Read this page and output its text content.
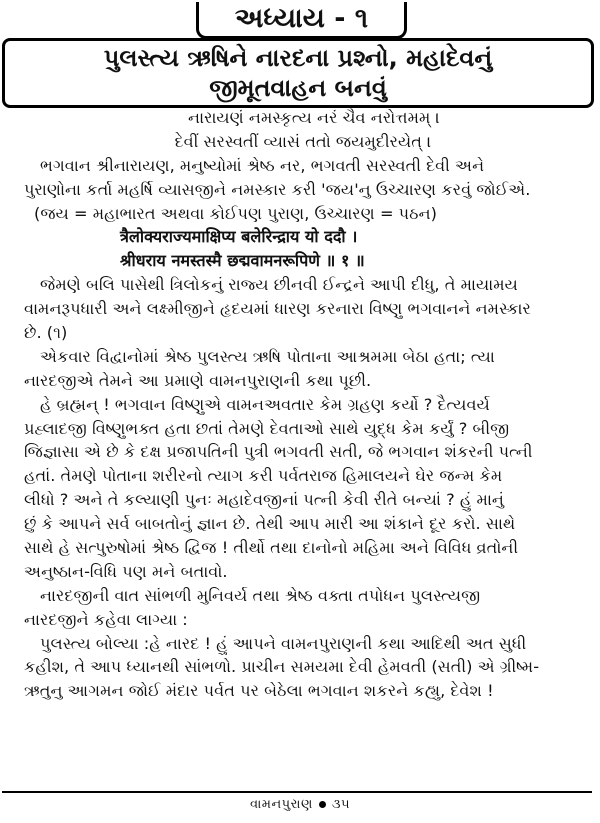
અધ્યાય - ૧
પુલસ્ત્ય ઋષિને નારદના પ્રશ્નો, મહાદેવનું
જીમૂતવાહન બનવું
નારાયણં નમસ્કૃત્ય નરં ચૈવ નરોત્તમમ્ ।
દેવીં સરસ્વતીં વ્યાસં તતો જયમુદીરયેત્ ।
ભગવાન શ્રીનારાયણ, મનુષ્યોમાં શ્રેષ્ઠ નર, ભગવતી સરસ્વતી દેવી અને
પુરાણોના કર્તા મહર્ષિ વ્યાસજીને નમસ્કાર કરી 'જય'નુ ઉચ્ચારણ કરવું જોઈએ.
(જય = મહાભારત અથવા કોઈપણ પુરાણ, ઉચ્ચારણ = પઠન)
त्रैलोक्यराज्यमाक्षिप्य बलेरिन्द्राय यो ददौ ।
श्रीधराय नमस्तस्मै छद्मवामनरूपिणे ॥ १ ॥
જેમણે બલિ પાસેથી ત્રિલોકનું રાજ્ય છીનવી ઈન્દ્રને આપી દીધુ, તે માયામય
વામનરૂપધારી અને લક્ષ્મીજીને હૃદયમાં ધારણ કરનારા વિષ્ણુ ભગવાનને નમસ્કાર
છે. (૧)
એકવાર વિદ્વાનોમાં શ્રેષ્ઠ પુલસ્ત્ય ઋષિ પોતાના આશ્રમમા બેઠા હતા; ત્યા
નારદજીએ તેમને આ પ્રમાણે વામનપુરાણની કથા પૂછી.
હે બ્રહ્મન્ ! ભગવાન વિષ્ણુએ વામનઅવતાર કેમ ગ્રહણ કર્યો ? દૈત્યવર્ય
પ્રહ્લાદજી વિષ્ણુભક્ત હતા છતાં તેમણે દેવતાઓ સાથે યુદ્ધ કેમ કર્યું ? બીજી
જિજ્ઞાસા એ છે કે દક્ષ પ્રજાપતિની પુત્રી ભગવતી સતી, જે ભગવાન શંકરની પત્ની
હતાં. તેમણે પોતાના શરીરનો ત્યાગ કરી પર્વતરાજ હિમાલયને ઘેર જન્મ કેમ
લીધો ? અને તે કલ્યાણી પુનઃ મહાદેવજીનાં પત્ની કેવી રીતે બન્યાં ? હું માનું
છું કે આપને સર્વ બાબતોનું જ્ઞાન છે. તેથી આપ મારી આ શંકાને દૂર કરો. સાથે
સાથે હે સત્પુરુષોમાં શ્રેષ્ઠ દ્વિજ ! તીર્થો તથા દાનોનો મહિમા અને વિવિધ વ્રતોની
અનુષ્ઠાન-વિધિ પણ મને બતાવો.
નારદજીની વાત સાંભળી મુનિવર્ય તથા શ્રેષ્ઠ વક્તા તપોધન પુલસ્ત્યજી
નારદજીને કહેવા લાગ્યા :
પુલસ્ત્ય બોલ્યા :હે નારદ ! હું આપને વામનપુરાણની કથા આદિથી અત સુધી
કહીશ, તે આપ ધ્યાનથી સાંભળો. પ્રાચીન સમયમા દેવી હેમવતી (સતી) એ ગ્રીષ્મ-
ઋતુનુ આગમન જોઈ મંદાર પર્વત પર બેઠેલા ભગવાન શકરને કહ્યુ, દેવેશ !
વામનપુરાણ ૩૫
